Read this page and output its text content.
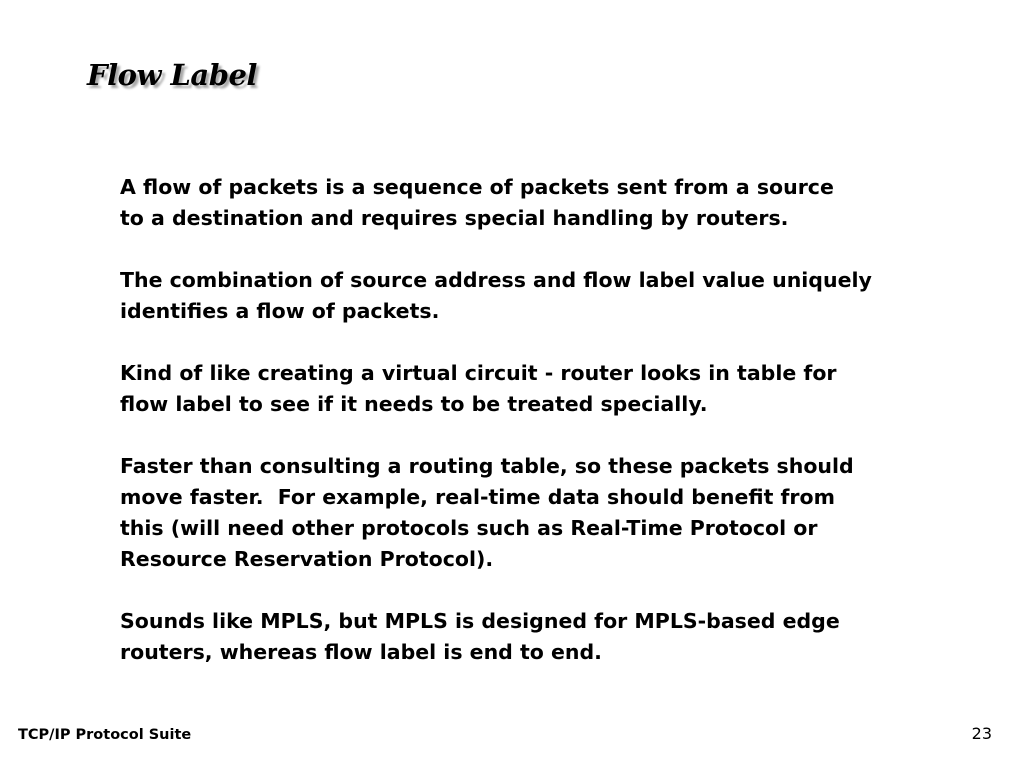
Flow Label

A flow of packets is a sequence of packets sent from a source
to a destination and requires special handling by routers.

The combination of source address and flow label value uniquely
identifies a flow of packets.

Kind of like creating a virtual circuit - router looks in table for
flow label to see if it needs to be treated specially.

Faster than consulting a routing table, so these packets should
move faster.  For example, real-time data should benefit from
this (will need other protocols such as Real-Time Protocol or
Resource Reservation Protocol).

Sounds like MPLS, but MPLS is designed for MPLS-based edge
routers, whereas flow label is end to end.

TCP/IP Protocol Suite	23
